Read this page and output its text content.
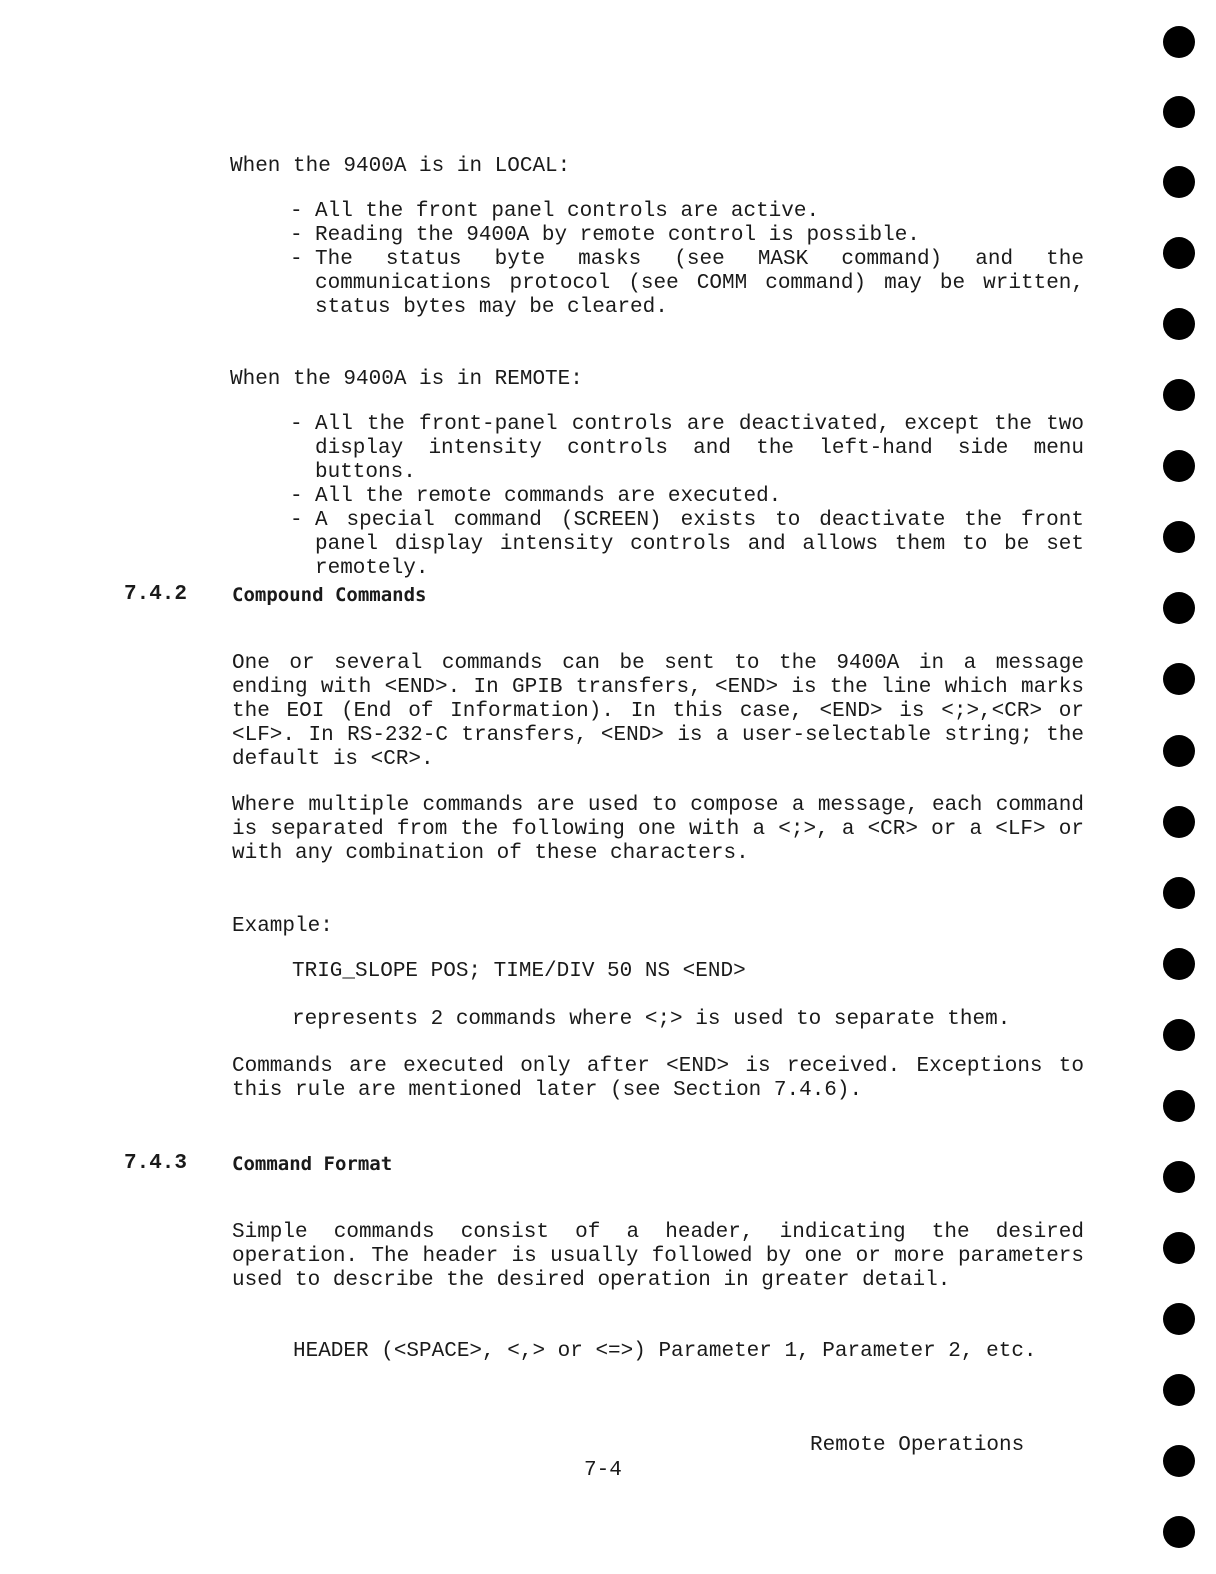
When the 9400A is in LOCAL:
- All the front panel controls are active.
- Reading the 9400A by remote control is possible.
- The status byte masks (see MASK command) and the communications protocol (see COMM command) may be written, status bytes may be cleared.
When the 9400A is in REMOTE:
- All the front-panel controls are deactivated, except the two display intensity controls and the left-hand side menu buttons.
- All the remote commands are executed.
- A special command (SCREEN) exists to deactivate the front panel display intensity controls and allows them to be set remotely.
7.4.2 Compound Commands
One or several commands can be sent to the 9400A in a message ending with <END>. In GPIB transfers, <END> is the line which marks the EOI (End of Information). In this case, <END> is <;>,<CR> or <LF>. In RS-232-C transfers, <END> is a user-selectable string; the default is <CR>.
Where multiple commands are used to compose a message, each command is separated from the following one with a <;>, a <CR> or a <LF> or with any combination of these characters.
Example:
TRIG_SLOPE POS; TIME/DIV 50 NS <END>
represents 2 commands where <;> is used to separate them.
Commands are executed only after <END> is received. Exceptions to this rule are mentioned later (see Section 7.4.6).
7.4.3 Command Format
Simple commands consist of a header, indicating the desired operation. The header is usually followed by one or more parameters used to describe the desired operation in greater detail.
HEADER (<SPACE>, <,> or <=>) Parameter 1, Parameter 2, etc.
Remote Operations
7-4
